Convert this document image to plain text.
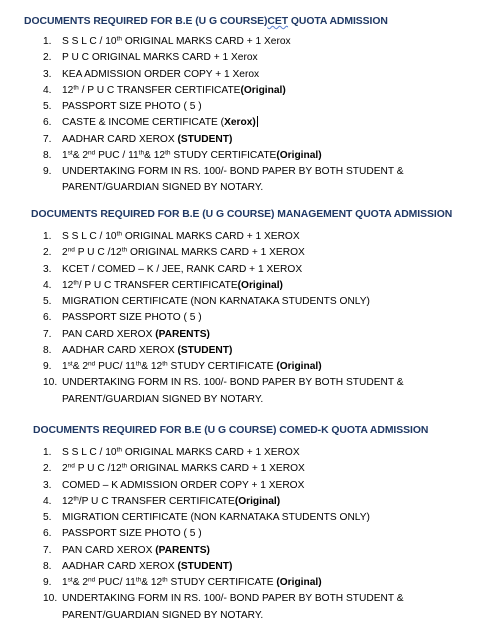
DOCUMENTS REQUIRED FOR B.E (U G COURSE)CET QUOTA ADMISSION
1. S S L C / 10th ORIGINAL MARKS CARD + 1 Xerox
2. P U C ORIGINAL MARKS CARD + 1 Xerox
3. KEA ADMISSION ORDER COPY + 1 Xerox
4. 12th / P U C TRANSFER CERTIFICATE(Original)
5. PASSPORT SIZE PHOTO ( 5 )
6. CASTE & INCOME CERTIFICATE (Xerox)
7. AADHAR CARD XEROX (STUDENT)
8. 1st& 2nd PUC / 11th& 12th STUDY CERTIFICATE(Original)
9. UNDERTAKING FORM IN RS. 100/- BOND PAPER BY BOTH STUDENT &
PARENT/GUARDIAN SIGNED BY NOTARY.
DOCUMENTS REQUIRED FOR B.E (U G COURSE) MANAGEMENT QUOTA ADMISSION
1. S S L C / 10th ORIGINAL MARKS CARD + 1 XEROX
2. 2nd P U C /12th ORIGINAL MARKS CARD + 1 XEROX
3. KCET / COMED – K / JEE, RANK CARD + 1 XEROX
4. 12th/ P U C TRANSFER CERTIFICATE(Original)
5. MIGRATION CERTIFICATE (NON KARNATAKA STUDENTS ONLY)
6. PASSPORT SIZE PHOTO ( 5 )
7. PAN CARD XEROX (PARENTS)
8. AADHAR CARD XEROX (STUDENT)
9. 1st& 2nd PUC/ 11th& 12th STUDY CERTIFICATE (Original)
10. UNDERTAKING FORM IN RS. 100/- BOND PAPER BY BOTH STUDENT &
PARENT/GUARDIAN SIGNED BY NOTARY.
DOCUMENTS REQUIRED FOR B.E (U G COURSE) COMED-K QUOTA ADMISSION
1. S S L C / 10th ORIGINAL MARKS CARD + 1 XEROX
2. 2nd P U C /12th ORIGINAL MARKS CARD + 1 XEROX
3. COMED – K ADMISSION ORDER COPY + 1 XEROX
4. 12th/P U C TRANSFER CERTIFICATE(Original)
5. MIGRATION CERTIFICATE (NON KARNATAKA STUDENTS ONLY)
6. PASSPORT SIZE PHOTO ( 5 )
7. PAN CARD XEROX (PARENTS)
8. AADHAR CARD XEROX (STUDENT)
9. 1st& 2nd PUC/ 11th& 12th STUDY CERTIFICATE (Original)
10. UNDERTAKING FORM IN RS. 100/- BOND PAPER BY BOTH STUDENT &
PARENT/GUARDIAN SIGNED BY NOTARY.
